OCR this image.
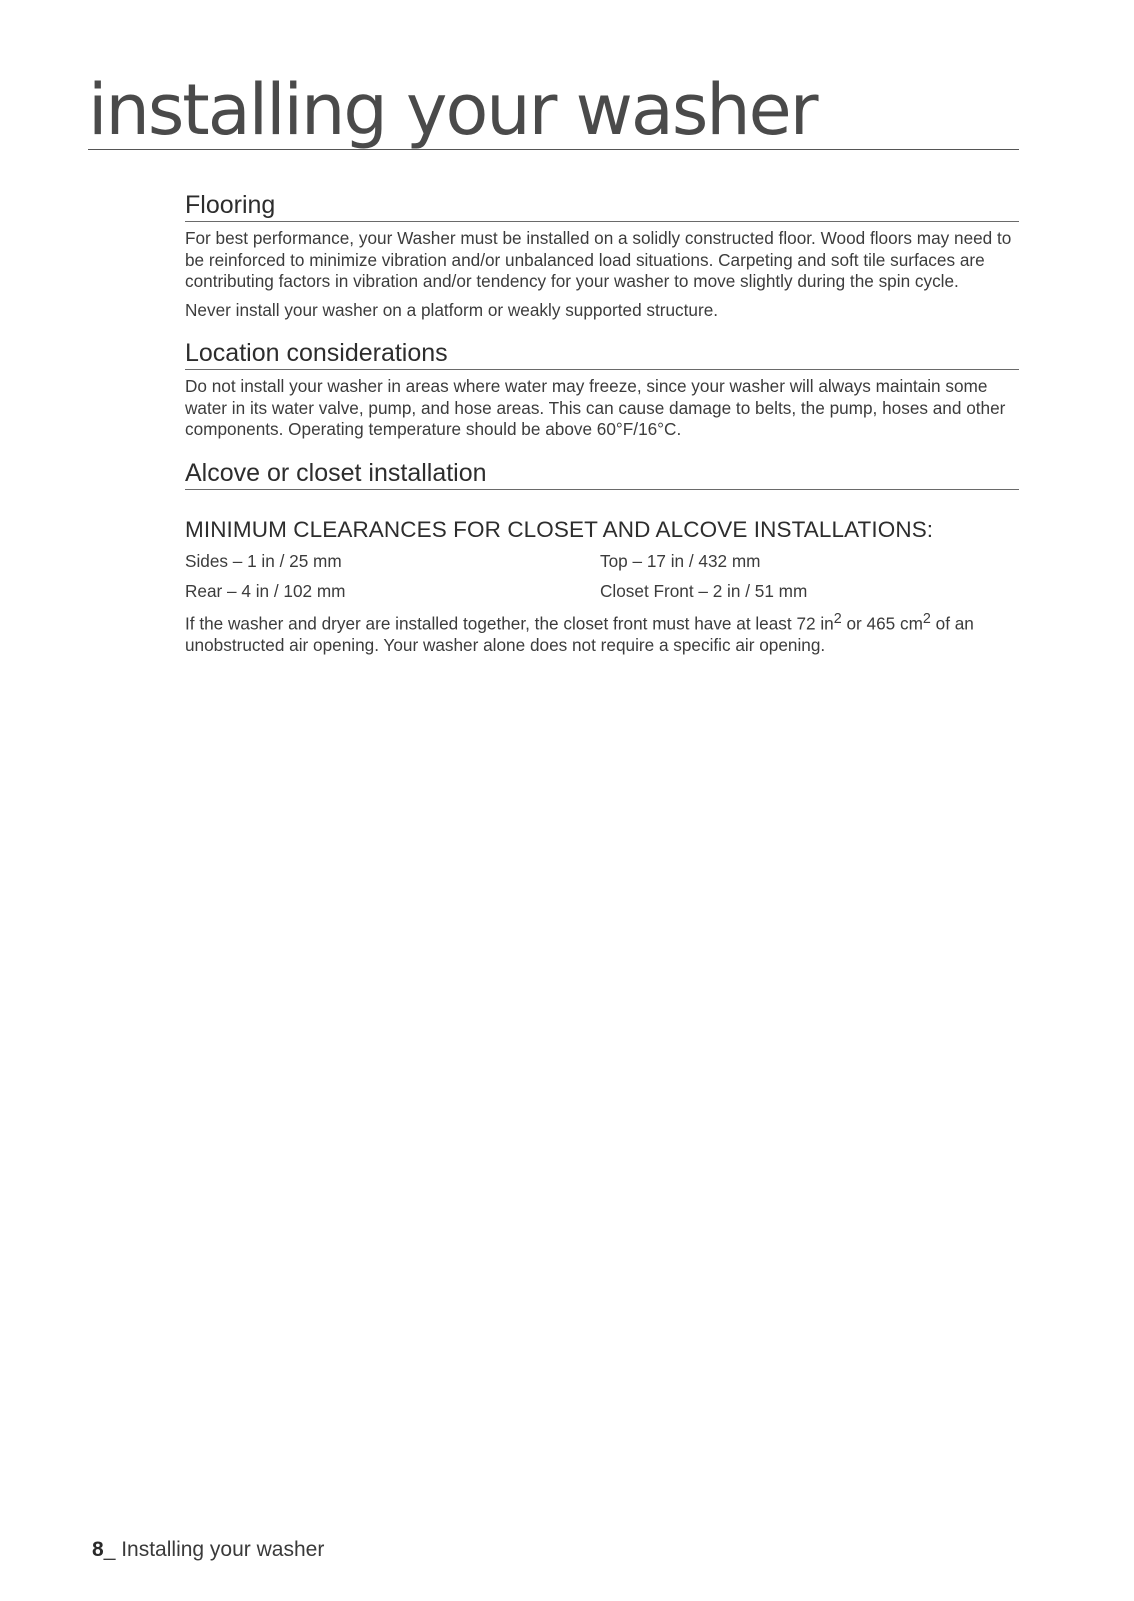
installing your washer
Flooring

For best performance, your Washer must be installed on a solidly constructed floor. Wood floors may need to be reinforced to minimize vibration and/or unbalanced load situations. Carpeting and soft tile surfaces are contributing factors in vibration and/or tendency for your washer to move slightly during the spin cycle.

Never install your washer on a platform or weakly supported structure.

Location considerations

Do not install your washer in areas where water may freeze, since your washer will always maintain some water in its water valve, pump, and hose areas. This can cause damage to belts, the pump, hoses and other components. Operating temperature should be above 60°F/16°C.

Alcove or closet installation
MINIMUM CLEARANCES FOR CLOSET AND ALCOVE INSTALLATIONS:
Sides – 1 in / 25 mm	Top – 17 in / 432 mm
Rear – 4 in / 102 mm	Closet Front – 2 in / 51 mm

If the washer and dryer are installed together, the closet front must have at least 72 $in^2$ or 465 $cm^2$ of an unobstructed air opening. Your washer alone does not require a specific air opening.

8_ Installing your washer
